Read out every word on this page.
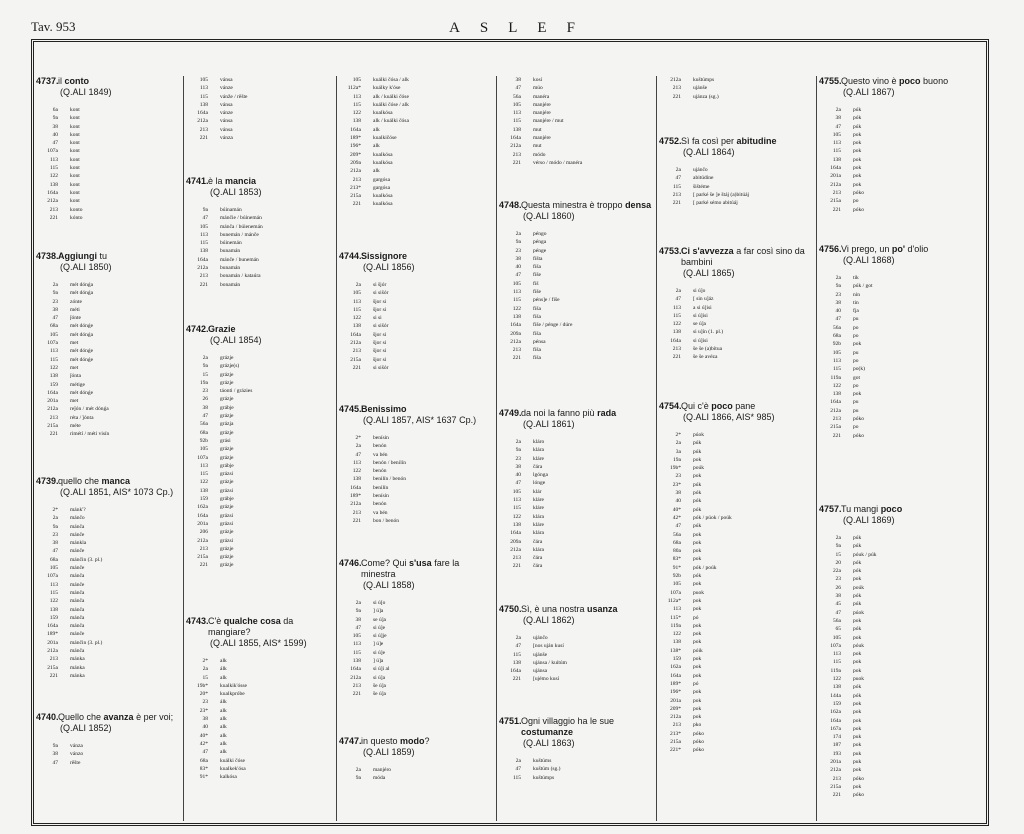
Tav. 953	ASLEF
4737. il conto
(Q.ALI 1849)
6a	kont
9a	kont
38	kont
40	kont
47	kont
107a	kont
113	kont
115	kont
122	kont
138	kont
164a	kont
212a	kont
213	konto
221	kónto
4738. Aggiungi tu
(Q.ALI 1850)
2a	mét dónǵa
9a	mét dónǵa
23	zónte
38	méti
47	ǰónte
68a	mét dónǵe
105	mét dónǵa
107a	met
113	mét dónǵe
115	mét dónǵe
122	met
138	ǰónta
159	métige
164a	mét dónǵe
201a	met
212a	reǰón / mét dónǵa
213	réta / ǰónta
215a	méte
221	rimétí / méti visín
4739. quello che manca
(Q.ALI 1851, AIS* 1073 Cp.)
2*	mánk'?
2a	mánčo
9a	mánča
23	mánče
38	mánkla
47	mánče
68a	mánčin (3. pl.)
105	mánče
107a	mánča
113	mánče
115	mánča
122	mánča
138	mánča
159	mánča
164a	mánča
189*	mánče
201a	mánčin (3. pl.)
212a	mánča
213	mánka
215a	mánka
221	mánka
4740. Quello che avanza è per voi;
(Q.ALI 1852)
9a	vánza
38	vánzo
47	rěšte
105	vánsa
113	vánze
115	vánže / rěšte
138	vánsa
164a	vánze
212a	vánsa
213	vánsa
221	vánza
4741. è la mancia
(Q.ALI 1853)
9a	búinamán
47	mánčie / búinemán
105	mánča / búienemán
113	bunemán / mánče
115	búinemán
138	bunamán
164a	mánče / bunemán
212a	bunamán
213	bonamán / kataúra
221	bonamán
4742. Grazie
(Q.ALI 1854)
2a	grázje
9a	grázje(s)
15	grázje
19a	grázje
23	táonti / grázies
26	grázje
38	grábje
47	grázje
56a	grázja
68a	grázje
92b	grási
105	grázje
107a	grázje
113	grábje
115	grázsi
122	grázje
138	grázsi
159	grábje
162a	grázje
164a	grázsi
201a	grázsi
206	grázje
212a	grázsi
213	grázje
215a	grázje
221	grázje
4743. C'è qualche cosa da mangiare?
(Q.ALI 1855, AIS* 1599)
2*	alk
2a	álk
15	alk
19b*	kualkik'ósse
20*	kualkpróbe
23	álk
23*	alk
38	alk
40	alk
40*	alk
42*	alk
47	alk
68a	kuálki čóse
83*	kualkek'ósa
91*	kalkósa
105	kuálki čósa / alk
112a*	kuálky k'óse
113	alk / kuálki čóse
115	kuálki čóse / alk
122	kualkósa
138	alk / kuálki čósa
164a	alk
189*	kualkičóse
196*	alk
209*	kualkósa
209a	kualkósa
212a	alk
213	gargósa
213*	gargósa
215a	kualkósa
221	kualkósa
4744. Sissignore
(Q.ALI 1856)
2a	si šjór
105	si sišór
113	šjor si
115	šjor si
122	si si
138	si sišór
164a	šjor si
212a	šjor si
213	šjor si
215a	šjor si
221	si sišór
4745. Benissimo
(Q.ALI 1857, AIS* 1637 Cp.)
2*	benísin
2a	benón
47	va bén
113	benón / benilín
122	benón
138	benilín / benón
164a	benilín
189*	benísin
212a	benón
213	va bén
221	bon / benón
4746. Come? Qui s'usa fare la minestra
(Q.ALI 1858)
2a	si ú[o
9a	] ú]a
38	se ú]a
47	si ú]e
105	si ú]je
113	] ú]e
115	si ú]e
138	] ú]a
164a	si ú]i al
212a	si ú]a
213	še ú]a
221	še ú]a
4747. in questo modo?
(Q.ALI 1859)
2a	manjéro
9a	móda
38	kosí
47	múo
56a	manéra
105	manjére
113	manjére
115	manjére / mut
138	mut
164a	manjére
212a	mut
213	módo
221	vérso / módo / manéra
4748. Questa minestra è troppo densa
(Q.ALI 1860)
2a	péngo
9a	pénga
23	pénge
38	fišta
40	fiša
47	fiše
105	fiš
113	fiše
115	péns]e / fiše
122	fiša
138	fiša
164a	fiše / pénge / dúre
209a	fiša
212a	pénsa
213	fiša
221	fiša
4749. da noi la fanno più rada
(Q.ALI 1861)
2a	kláro
9a	klára
23	kláre
38	čára
40	lgónga
47	lónge
105	klár
113	kláre
115	kláre
122	klára
138	kláre
164a	klára
209a	čára
212a	klára
213	čára
221	čára
4750. Sì, è una nostra usanza
(Q.ALI 1862)
2a	ujánčo
47	[nos uján kusí
115	ujánše
138	ujánsa / kuítúm
164a	ujánsa
221	[ujémo kusí
4751. Ogni villaggio ha le sue costumanze
(Q.ALI 1863)
2a	kuštúms
47	kuštúm (sg.)
115	kuštúmps
212a	kuštúmps
213	ujánše
221	ujánza (sg.)
4752. Sì fa così per abitudine
(Q.ALI 1864)
2a	ujánčo
47	abitúdine
115	šištéme
213	[ parké še ]e štáj (a)bitúáj
221	[ parké sémo abitúáj
4753. Ci s'avvezza a far così sino da bambini
(Q.ALI 1865)
2a	si ú]o
47	[ sin u]áz
113	a si ú]isi
115	si ú]isi
122	se ú]a
138	si u]ín (1. pl.)
164a	si ú]isi
213	še še (a)bítua
221	še še avéza
4754. Qui c'è poco pane
(Q.ALI 1866, AIS* 985)
2*	púok
2a	púk
3a	púk
19a	pok
19b*	poúk
23	pok
23*	púk
38	pók
40	pók
40*	pók
42*	pók / púok / poúk
47	púk
56a	pok
68a	pok
80a	pok
83*	pok
91*	pók / poúk
92b	pók
105	pok
107a	puok
112a*	pok
113	pok
115*	pó
119a	pok
122	pok
138	pok
138*	póik
159	pok
162a	pok
164a	pok
189*	pó
196*	pok
201a	pok
209*	pok
212a	pok
213	pko
213*	póko
215a	póko
221*	póko
4755. Questo vino è poco buono
(Q.ALI 1867)
2a	púk
38	pók
47	púk
105	pok
113	pok
115	pok
138	pok
164a	pok
201a	pok
212a	pok
213	póko
215a	po
221	póko
4756. Vi prego, un po' d'olio
(Q.ALI 1868)
2a	tik
9a	púk / got
23	nin
38	tin
40	fja
47	pu
56a	po
68a	po
92b	pok
105	pu
113	po
115	po(k)
119a	got
122	po
138	pok
164a	pu
212a	pu
213	póko
215a	po
221	póko
4757. Tu mangi poco
(Q.ALI 1869)
2a	púk
9a	púk
15	póuk / púk
20	pók
22a	pók
23	pok
26	poúk
38	pók
45	púk
47	púok
56a	pok
65	pók
105	pok
107a	póuk
113	pok
115	pok
119a	pok
122	puok
138	pók
144a	pók
159	pok
162a	pok
164a	pok
167a	pok
174	puk
187	pok
193	puk
201a	puk
212a	pok
213	póko
215a	pok
221	póko
